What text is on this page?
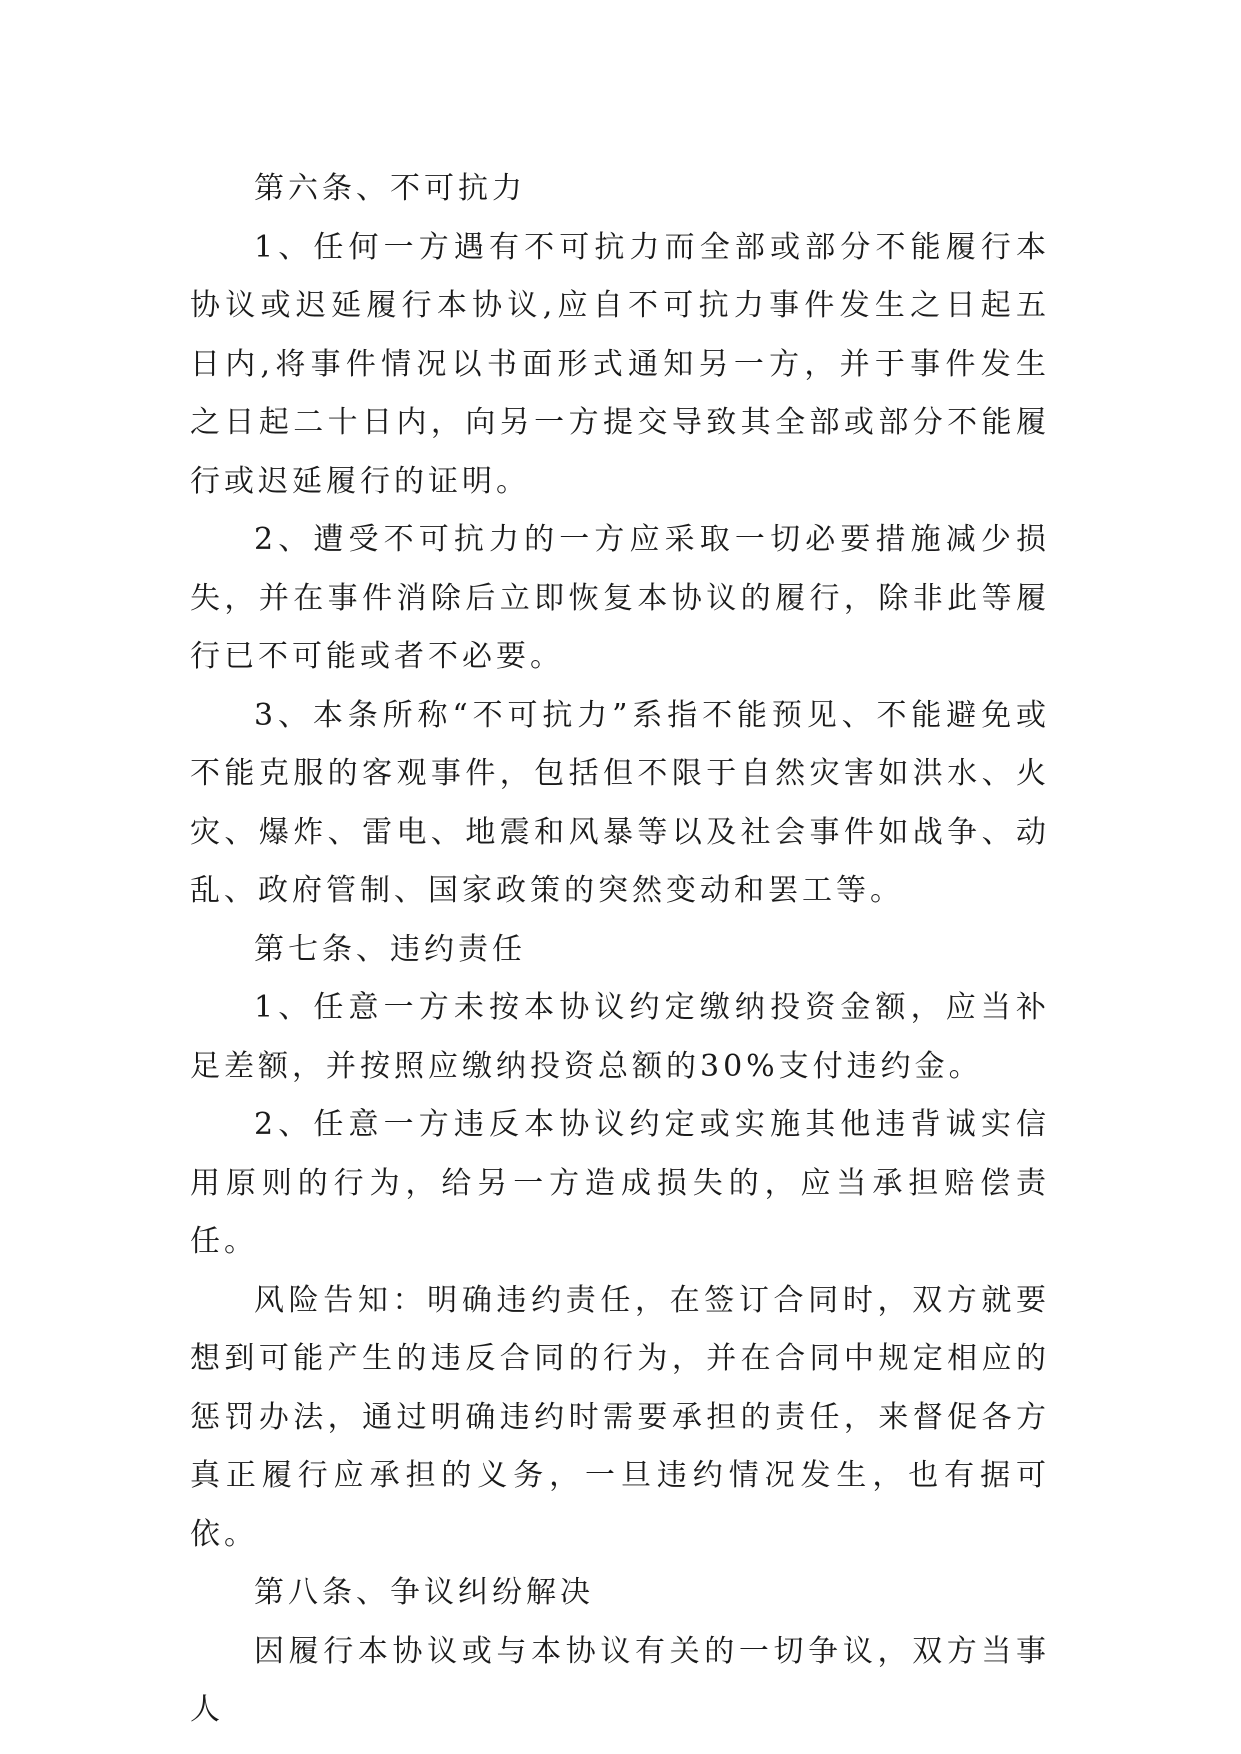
第六条、不可抗力

1、任何一方遇有不可抗力而全部或部分不能履行本协议或迟延履行本协议,应自不可抗力事件发生之日起五日内,将事件情况以书面形式通知另一方，并于事件发生之日起二十日内，向另一方提交导致其全部或部分不能履行或迟延履行的证明。

2、遭受不可抗力的一方应采取一切必要措施减少损失，并在事件消除后立即恢复本协议的履行，除非此等履行已不可能或者不必要。

3、本条所称“不可抗力”系指不能预见、不能避免或不能克服的客观事件，包括但不限于自然灾害如洪水、火灾、爆炸、雷电、地震和风暴等以及社会事件如战争、动乱、政府管制、国家政策的突然变动和罢工等。

第七条、违约责任

1、任意一方未按本协议约定缴纳投资金额，应当补足差额，并按照应缴纳投资总额的30%支付违约金。

2、任意一方违反本协议约定或实施其他违背诚实信用原则的行为，给另一方造成损失的，应当承担赔偿责任。

风险告知：明确违约责任，在签订合同时，双方就要想到可能产生的违反合同的行为，并在合同中规定相应的惩罚办法，通过明确违约时需要承担的责任，来督促各方真正履行应承担的义务，一旦违约情况发生，也有据可依。

第八条、争议纠纷解决

因履行本协议或与本协议有关的一切争议，双方当事人
